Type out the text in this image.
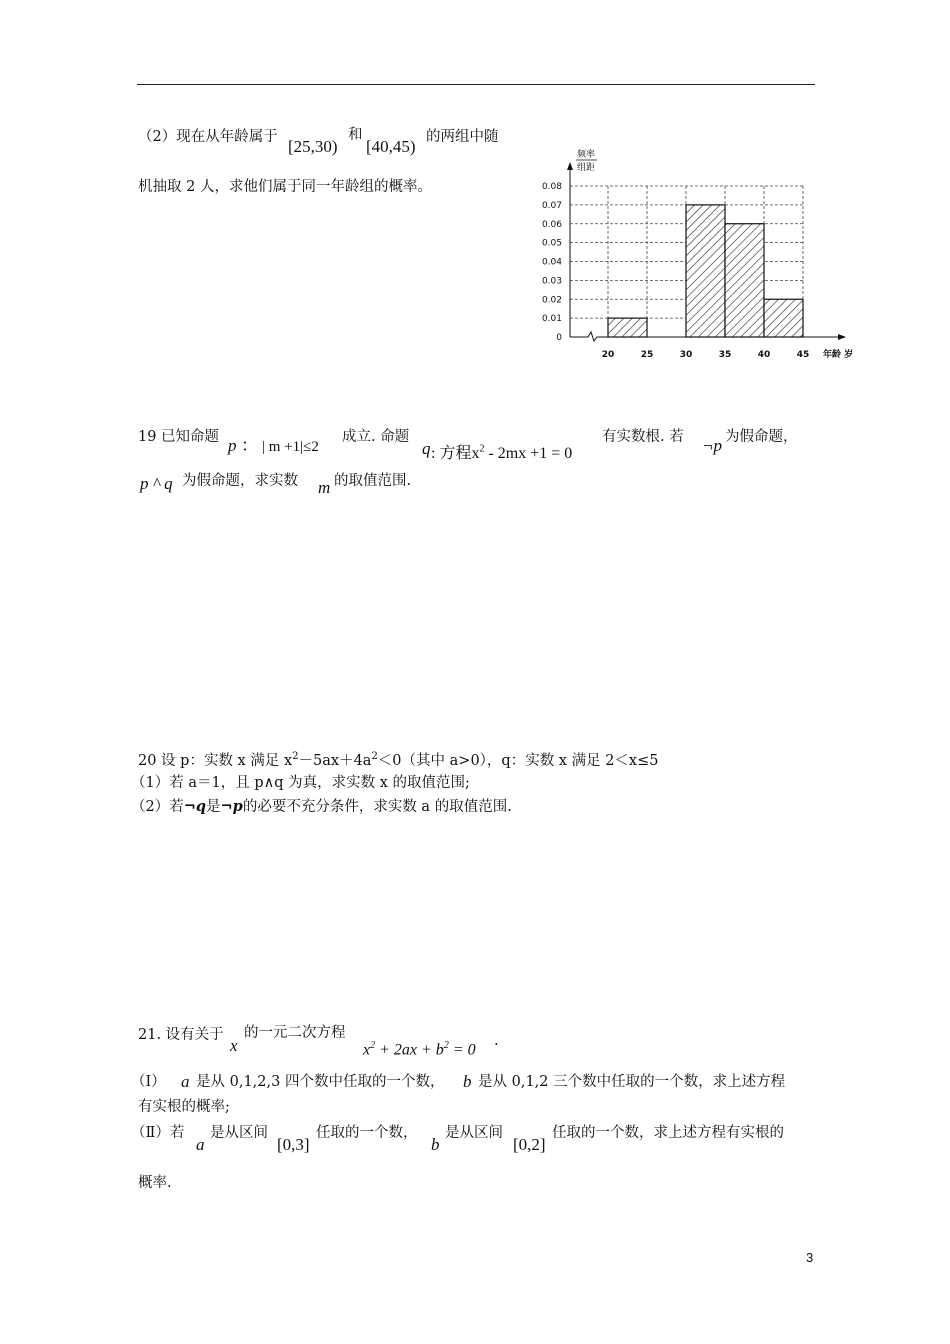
（2）现在从年龄属于 [25,30)
和
[40,45) 的两组中随
机抽取 2 人，求他们属于同一年龄组的概率。
0
0.01
0.02
0.03
0.04
0.05
0.06
0.07
0.08
20	25	30	35	40	45
频率
组距
年龄 岁
19 已知命题 p ： | m +1|≤2
成立. 命题
q : 方程$x^2 - 2mx +1 = 0$
有实数根. 若 ¬p 为假命题，
p ^ q 为假命题，求实数 m 的取值范围.
20 设 p：实数 x 满足 $x^2-5ax+4a^2<0$（其中 a>0），q：实数 x 满足 2＜x≤5
（1）若 a＝1，且 p∧q 为真，求实数 x 的取值范围;
（2）若¬q是¬p的必要不充分条件，求实数 a 的取值范围.
21. 设有关于
x
的一元二次方程
$x^2 + 2ax + b^2 = 0$
.
（Ⅰ） a 是从 0,1,2,3 四个数中任取的一个数， b 是从 0,1,2 三个数中任取的一个数，求上述方程
有实根的概率;
（Ⅱ）若
a
是从区间
[0,3]
任取的一个数，
b
是从区间
[0,2]
任取的一个数，求上述方程有实根的
概率.
3
